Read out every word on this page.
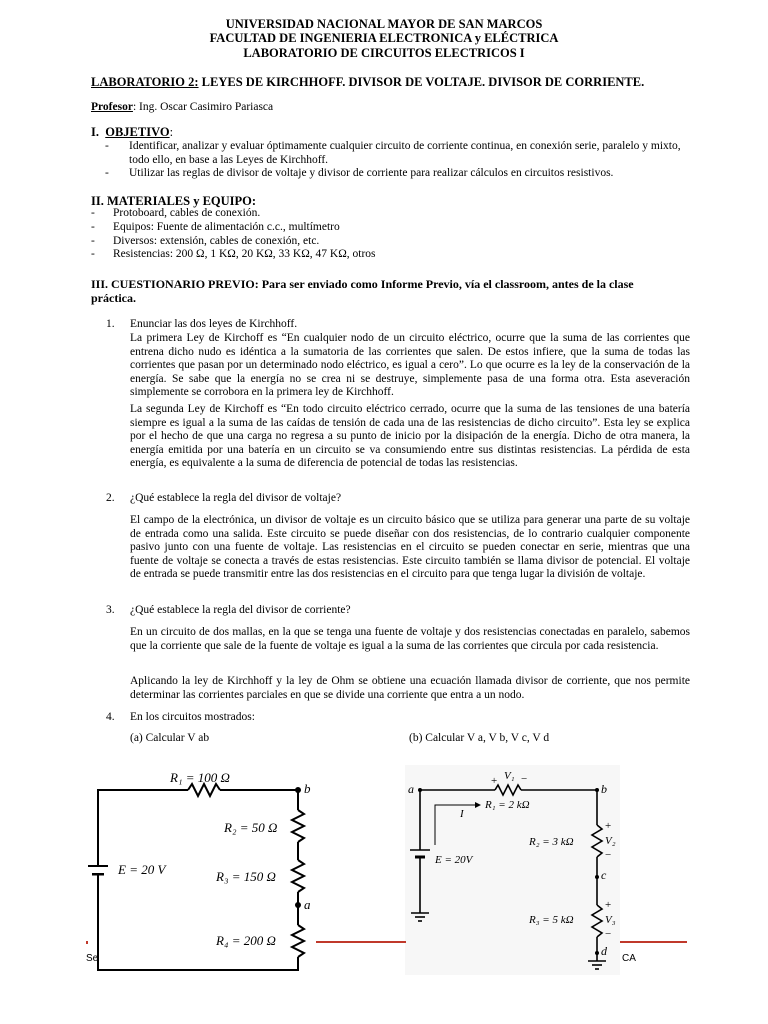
UNIVERSIDAD NACIONAL MAYOR DE SAN MARCOS
FACULTAD DE INGENIERIA ELECTRONICA y ELÉCTRICA
LABORATORIO DE CIRCUITOS ELECTRICOS I
LABORATORIO 2: LEYES DE KIRCHHOFF. DIVISOR DE VOLTAJE. DIVISOR DE CORRIENTE.
Profesor: Ing. Oscar Casimiro Pariasca
I. OBJETIVO:
- Identificar, analizar y evaluar óptimamente cualquier circuito de corriente continua, en conexión serie, paralelo y mixto, todo ello, en base a las Leyes de Kirchhoff.
- Utilizar las reglas de divisor de voltaje y divisor de corriente para realizar cálculos en circuitos resistivos.
II. MATERIALES y EQUIPO:
- Protoboard, cables de conexión.
- Equipos: Fuente de alimentación c.c., multímetro
- Diversos: extensión, cables de conexión, etc.
- Resistencias: 200 Ω, 1 KΩ, 20 KΩ, 33 KΩ, 47 KΩ, otros
III. CUESTIONARIO PREVIO: Para ser enviado como Informe Previo, vía el classroom, antes de la clase práctica.
1. Enunciar las dos leyes de Kirchhoff.
La primera Ley de Kirchoff es “En cualquier nodo de un circuito eléctrico, ocurre que la suma de las corrientes que entrena dicho nudo es idéntica a la sumatoria de las corrientes que salen. De estos infiere, que la suma de todas las corrientes que pasan por un determinado nodo eléctrico, es igual a cero”. Lo que ocurre es la ley de la conservación de la energía. Se sabe que la energía no se crea ni se destruye, simplemente pasa de una forma otra. Esta aseveración simplemente se corrobora en la primera ley de Kirchhoff.
La segunda Ley de Kirchoff es “En todo circuito eléctrico cerrado, ocurre que la suma de las tensiones de una batería siempre es igual a la suma de las caídas de tensión de cada una de las resistencias de dicho circuito”. Esta ley se explica por el hecho de que una carga no regresa a su punto de inicio por la disipación de la energía. Dicho de otra manera, la energía emitida por una batería en un circuito se va consumiendo entre sus distintas resistencias. La pérdida de esta energía, es equivalente a la suma de diferencia de potencial de todas las resistencias.
2. ¿Qué establece la regla del divisor de voltaje?
El campo de la electrónica, un divisor de voltaje es un circuito básico que se utiliza para generar una parte de su voltaje de entrada como una salida. Este circuito se puede diseñar con dos resistencias, de lo contrario cualquier componente pasivo junto con una fuente de voltaje. Las resistencias en el circuito se pueden conectar en serie, mientras que una fuente de voltaje se conecta a través de estas resistencias. Este circuito también se llama divisor de potencial. El voltaje de entrada se puede transmitir entre las dos resistencias en el circuito para que tenga lugar la división de voltaje.
3. ¿Qué establece la regla del divisor de corriente?
En un circuito de dos mallas, en la que se tenga una fuente de voltaje y dos resistencias conectadas en paralelo, sabemos que la corriente que sale de la fuente de voltaje es igual a la suma de las corrientes que circula por cada resistencia.
Aplicando la ley de Kirchhoff y la ley de Ohm se obtiene una ecuación llamada divisor de corriente, que nos permite determinar las corrientes parciales en que se divide una corriente que entra a un nodo.
4. En los circuitos mostrados:
(a) Calcular V ab	(b) Calcular V a, V b, V c, V d
R₁ = 100 Ω
R₂ = 50 Ω
R₃ = 150 Ω
R₄ = 200 Ω
E = 20 V
b
a
V₁
+ −
R₁ = 2 kΩ
I
E = 20V
R₂ = 3 kΩ
+
V₂
−
R₃ = 5 kΩ
+
V₃
−
a	b
c
d
Se	CA
